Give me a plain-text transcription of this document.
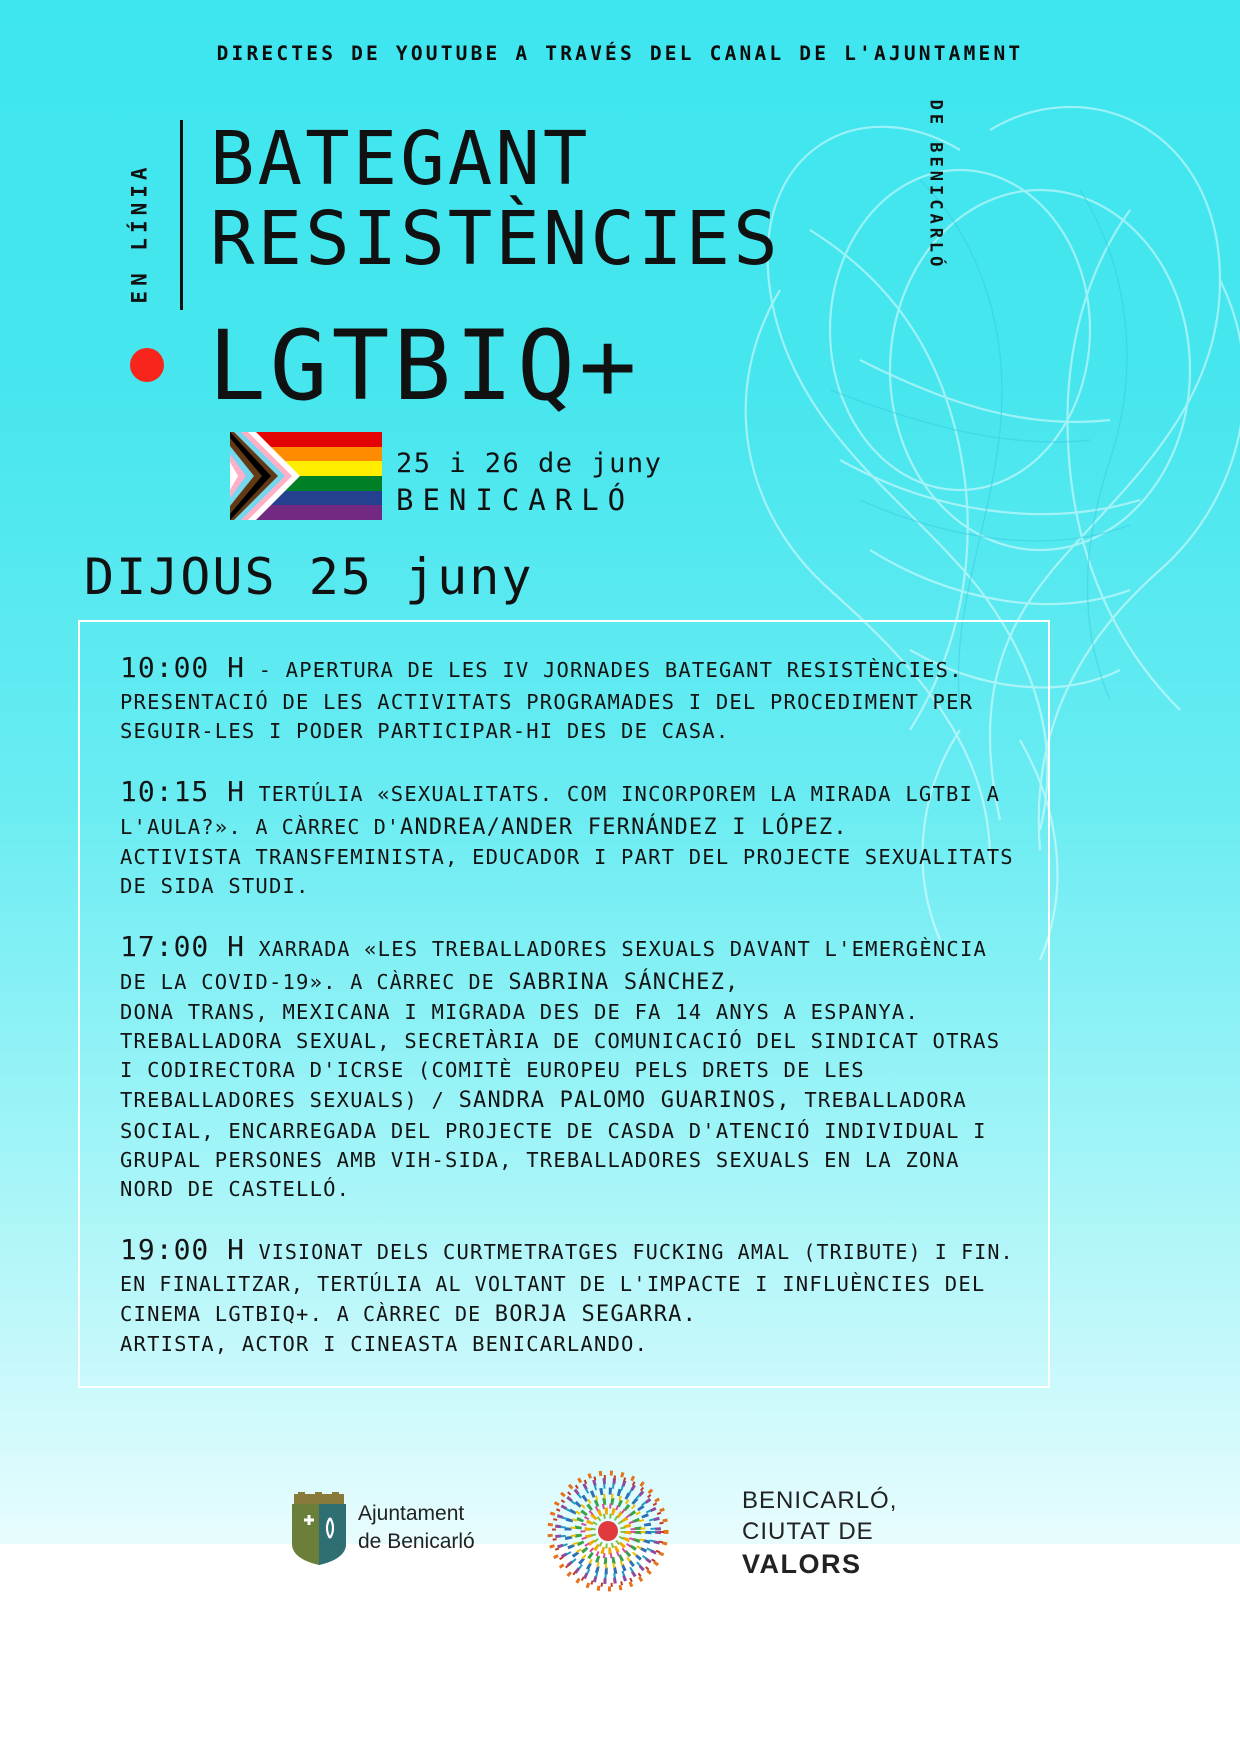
DIRECTES DE YOUTUBE A TRAVÉS DEL CANAL DE L'AJUNTAMENT
EN LÍNIA	DE BENICARLÓ
BATEGANT
RESISTÈNCIES
LGTBIQ+
25 i 26 de juny
BENICARLÓ
DIJOUS 25 juny

10:00 H - APERTURA DE LES IV JORNADES BATEGANT RESISTÈNCIES.

PRESENTACIÓ DE LES ACTIVITATS PROGRAMADES I DEL PROCEDIMENT PER SEGUIR-LES I PODER PARTICIPAR-HI DES DE CASA.

10:15 H TERTÚLIA «SEXUALITATS. COM INCORPOREM LA MIRADA LGTBI A L'AULA?». A CÀRREC D'ANDREA/ANDER FERNÁNDEZ I LÓPEZ.

ACTIVISTA TRANSFEMINISTA, EDUCADOR I PART DEL PROJECTE SEXUALITATS DE SIDA STUDI.

17:00 H XARRADA «LES TREBALLADORES SEXUALS DAVANT L'EMERGÈNCIA DE LA COVID-19». A CÀRREC DE SABRINA SÁNCHEZ,

DONA TRANS, MEXICANA I MIGRADA DES DE FA 14 ANYS A ESPANYA. TREBALLADORA SEXUAL, SECRETÀRIA DE COMUNICACIÓ DEL SINDICAT OTRAS I CODIRECTORA D'ICRSE (COMITÈ EUROPEU PELS DRETS DE LES TREBALLADORES SEXUALS) / SANDRA PALOMO GUARINOS, TREBALLADORA SOCIAL, ENCARREGADA DEL PROJECTE DE CASDA D'ATENCIÓ INDIVIDUAL I GRUPAL PERSONES AMB VIH-SIDA, TREBALLADORES SEXUALS EN LA ZONA NORD DE CASTELLÓ.

19:00 H VISIONAT DELS CURTMETRATGES FUCKING AMAL (TRIBUTE) I FIN. EN FINALITZAR, TERTÚLIA AL VOLTANT DE L'IMPACTE I INFLUÈNCIES DEL CINEMA LGTBIQ+. A CÀRREC DE BORJA SEGARRA.

ARTISTA, ACTOR I CINEASTA BENICARLANDO.

Ajuntament
de Benicarló
BENICARLÓ,
CIUTAT DE
VALORS
